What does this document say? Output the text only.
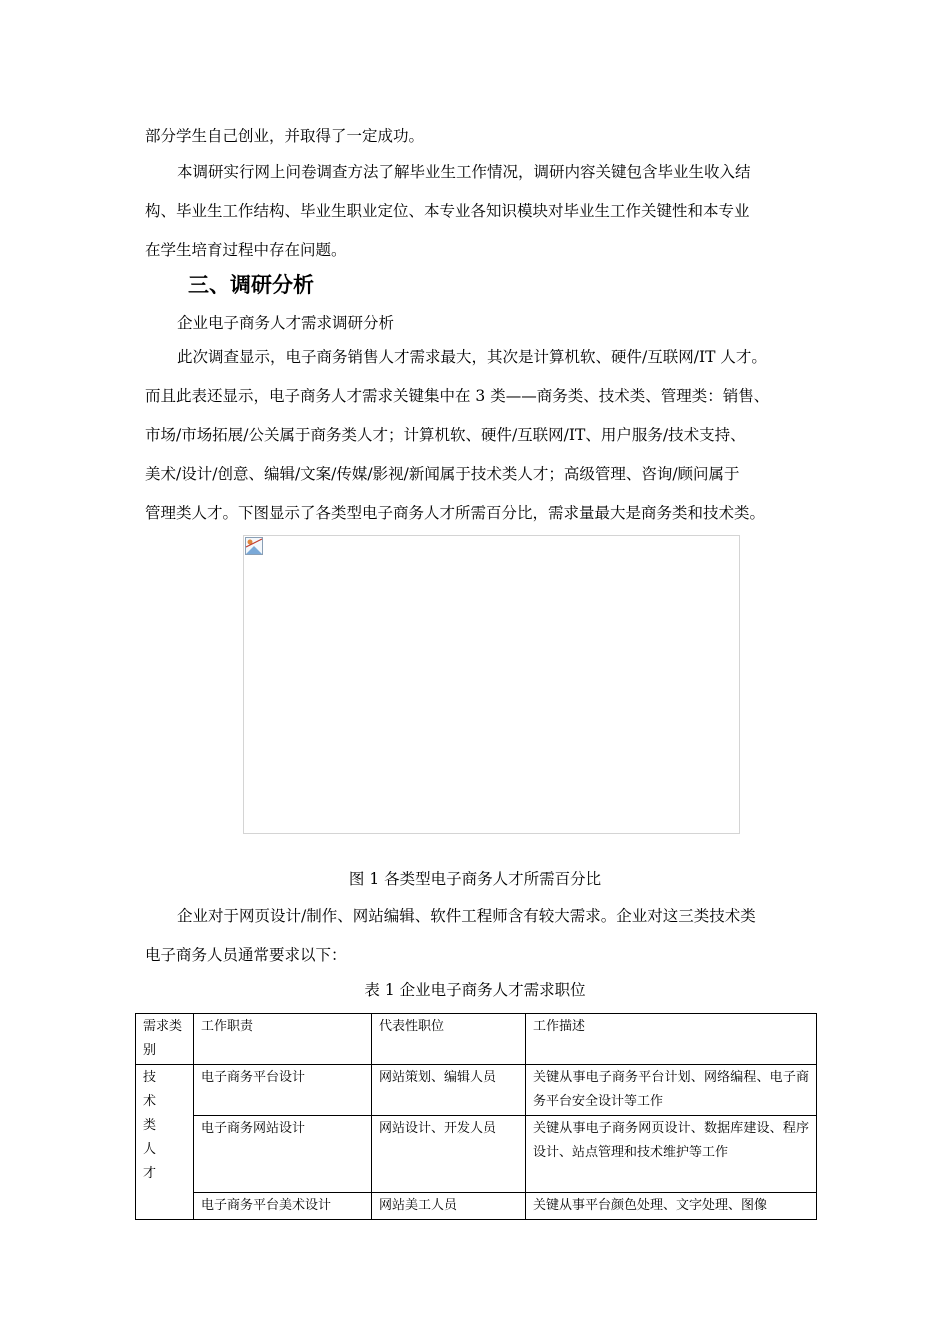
部分学生自己创业，并取得了一定成功。

本调研实行网上问卷调查方法了解毕业生工作情况，调研内容关键包含毕业生收入结

构、毕业生工作结构、毕业生职业定位、本专业各知识模块对毕业生工作关键性和本专业

在学生培育过程中存在问题。

三、调研分析
企业电子商务人才需求调研分析

此次调查显示，电子商务销售人才需求最大，其次是计算机软、硬件/互联网/IT 人才。

而且此表还显示，电子商务人才需求关键集中在 3 类——商务类、技术类、管理类：销售、

市场/市场拓展/公关属于商务类人才；计算机软、硬件/互联网/IT、用户服务/技术支持、

美术/设计/创意、编辑/文案/传媒/影视/新闻属于技术类人才；高级管理、咨询/顾问属于

管理类人才。下图显示了各类型电子商务人才所需百分比，需求量最大是商务类和技术类。

图 1 各类型电子商务人才所需百分比

企业对于网页设计/制作、网站编辑、软件工程师含有较大需求。企业对这三类技术类

电子商务人员通常要求以下：

表 1 企业电子商务人才需求职位
需求类别	工作职责	代表性职位	工作描述
技术类人才	电子商务平台设计	网站策划、编辑人员	关键从事电子商务平台计划、网络编程、电子商务平台安全设计等工作
	电子商务网站设计	网站设计、开发人员	关键从事电子商务网页设计、数据库建设、程序设计、站点管理和技术维护等工作
	电子商务平台美术设计	网站美工人员	关键从事平台颜色处理、文字处理、图像
